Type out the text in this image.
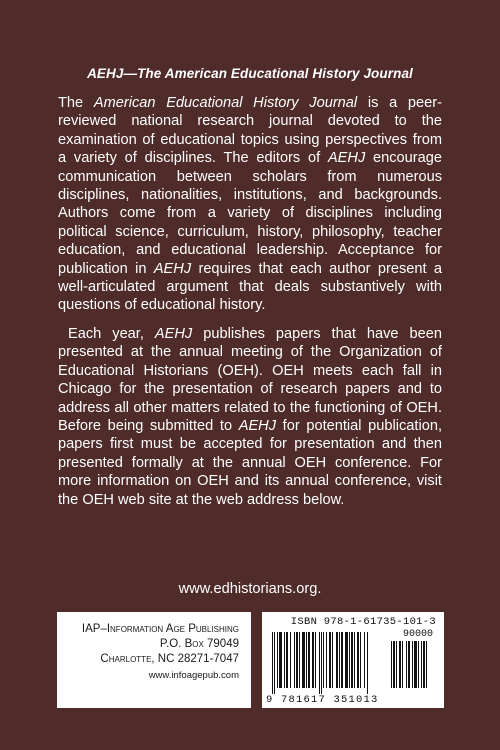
AEHJ—The American Educational History Journal

The American Educational History Journal is a peer-reviewed national research journal devoted to the examination of educational topics using perspectives from a variety of disciplines. The editors of AEHJ encourage communication between scholars from numerous disciplines, nationalities, institutions, and backgrounds. Authors come from a variety of disciplines including political science, curriculum, history, philosophy, teacher education, and educational leadership. Acceptance for publication in AEHJ requires that each author present a well-articulated argument that deals substantively with questions of educational history.

Each year, AEHJ publishes papers that have been presented at the annual meeting of the Organization of Educational Historians (OEH). OEH meets each fall in Chicago for the presentation of research papers and to address all other matters related to the functioning of OEH. Before being submitted to AEHJ for potential publication, papers first must be accepted for presentation and then presented formally at the annual OEH conference. For more information on OEH and its annual conference, visit the OEH web site at the web address below.

www.edhistorians.org.
IAP–Information Age Publishing
P.O. Box 79049
Charlotte, NC 28271-7047
www.infoagepub.com
ISBN 978-1-61735-101-3
90000
9 781617 351013
